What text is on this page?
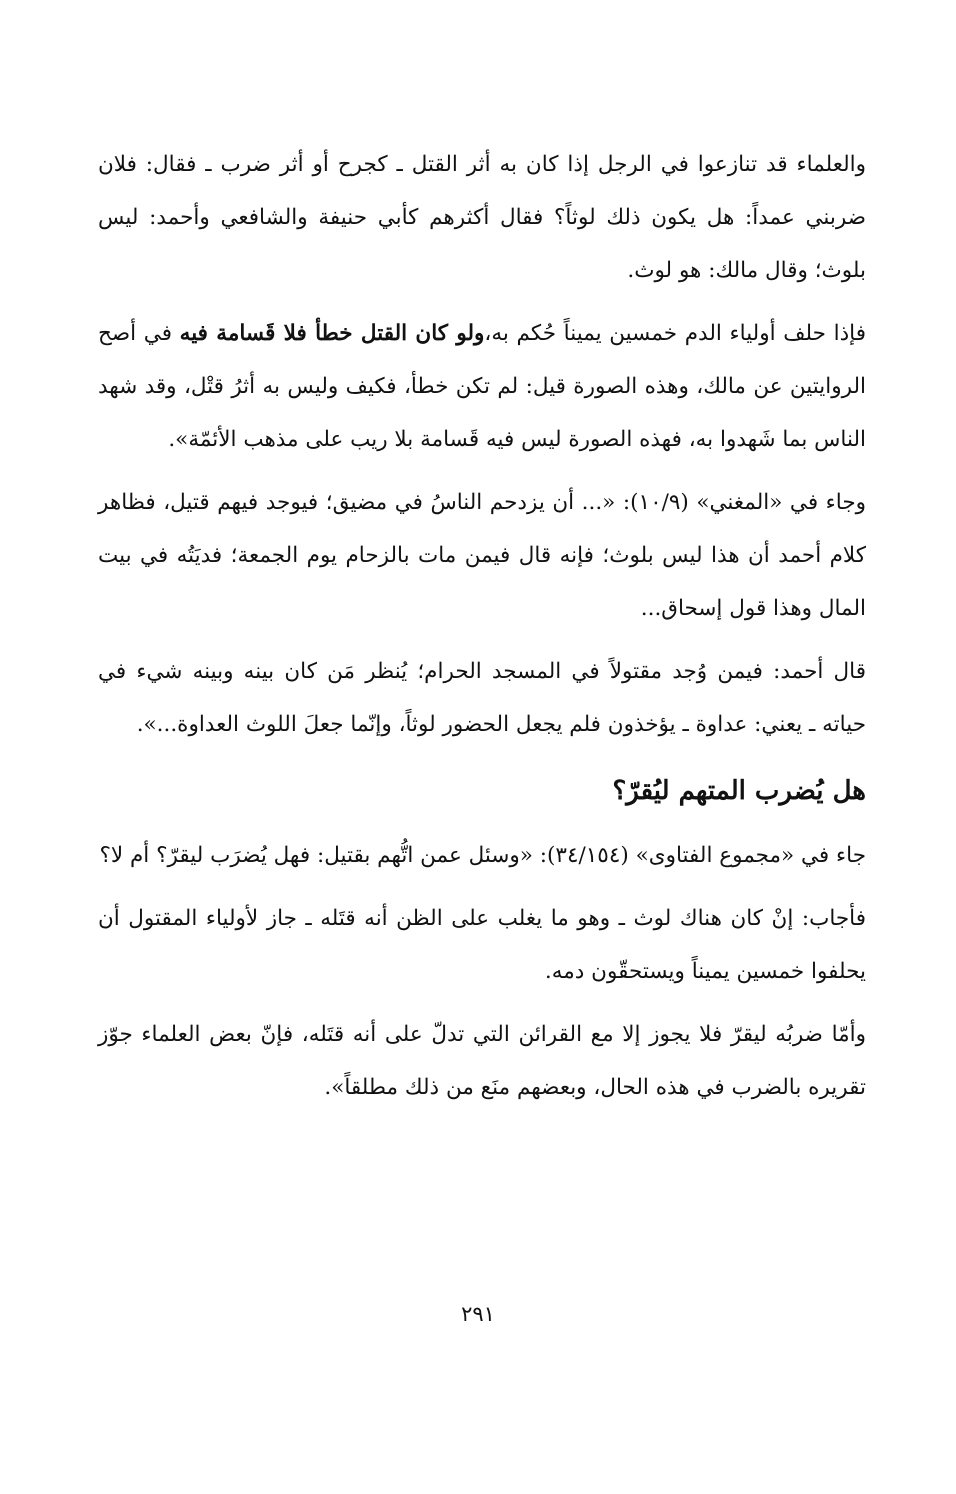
والعلماء قد تنازعوا في الرجل إذا كان به أثر القتل ـ كجرح أو أثر ضرب ـ فقال: فلان ضربني عمداً: هل يكون ذلك لوثاً؟ فقال أكثرهم كأبي حنيفة والشافعي وأحمد: ليس بلوث؛ وقال مالك: هو لوث.

فإذا حلف أولياء الدم خمسين يميناً حُكم به،ولو كان القتل خطأ فلا قَسامة فيه في أصح الروايتين عن مالك، وهذه الصورة قيل: لم تكن خطأ، فكيف وليس به أثرُ قتْل، وقد شهد الناس بما شَهدوا به، فهذه الصورة ليس فيه قَسامة بلا ريب على مذهب الأئمّة».

وجاء في «المغني» (١٠/٩): «... أن يزدحم الناسُ في مضيق؛ فيوجد فيهم قتيل، فظاهر كلام أحمد أن هذا ليس بلوث؛ فإنه قال فيمن مات بالزحام يوم الجمعة؛ فديَتُه في بيت المال وهذا قول إسحاق...

قال أحمد: فيمن وُجد مقتولاً في المسجد الحرام؛ يُنظر مَن كان بينه وبينه شيء في حياته ـ يعني: عداوة ـ يؤخذون فلم يجعل الحضور لوثاً، وإنّما جعلَ اللوث العداوة...».

هل يُضرب المتهم ليُقرّ؟

جاء في «مجموع الفتاوى» (٣٤/١٥٤): «وسئل عمن اتُّهم بقتيل: فهل يُضرَب ليقرّ؟ أم لا؟

فأجاب: إنْ كان هناك لوث ـ وهو ما يغلب على الظن أنه قتَله ـ جاز لأولياء المقتول أن يحلفوا خمسين يميناً ويستحقّون دمه.

وأمّا ضربُه ليقرّ فلا يجوز إلا مع القرائن التي تدلّ على أنه قتَله، فإنّ بعض العلماء جوّز تقريره بالضرب في هذه الحال، وبعضهم منَع من ذلك مطلقاً».

٢٩١
